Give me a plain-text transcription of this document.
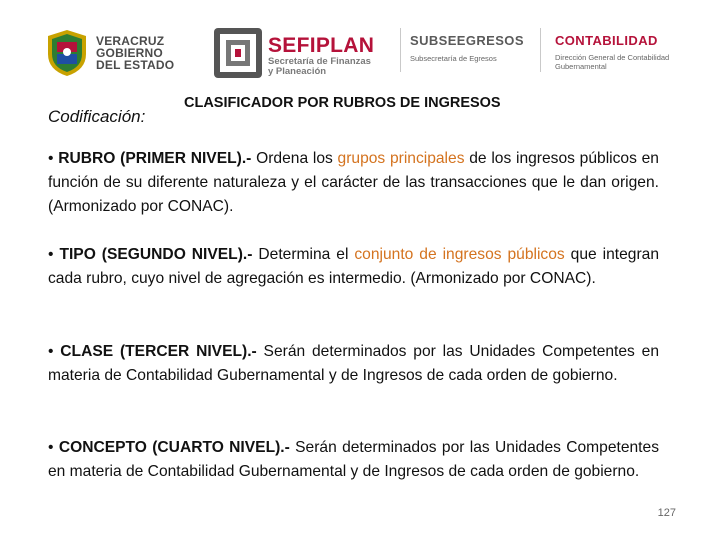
VERACRUZ
GOBIERNO
DEL ESTADO
SEFIPLAN
Secretaría de Finanzas
y Planeación
SUBSEEGRESOS
Subsecretaría de Egresos
CONTABILIDAD
Dirección General de Contabilidad
Gubernamental
Codificación:
CLASIFICADOR POR RUBROS DE INGRESOS
• RUBRO (PRIMER NIVEL).- Ordena los grupos principales de los ingresos públicos en función de su diferente naturaleza y el carácter de las transacciones que le dan origen. (Armonizado por CONAC).
• TIPO (SEGUNDO NIVEL).- Determina el conjunto de ingresos públicos que integran cada rubro, cuyo nivel de agregación es intermedio. (Armonizado por CONAC).
• CLASE (TERCER NIVEL).- Serán determinados por las Unidades Competentes en materia de Contabilidad Gubernamental y de Ingresos de cada orden de gobierno.
• CONCEPTO (CUARTO NIVEL).- Serán determinados por las Unidades Competentes en materia de Contabilidad Gubernamental y de Ingresos de cada orden de gobierno.
127
